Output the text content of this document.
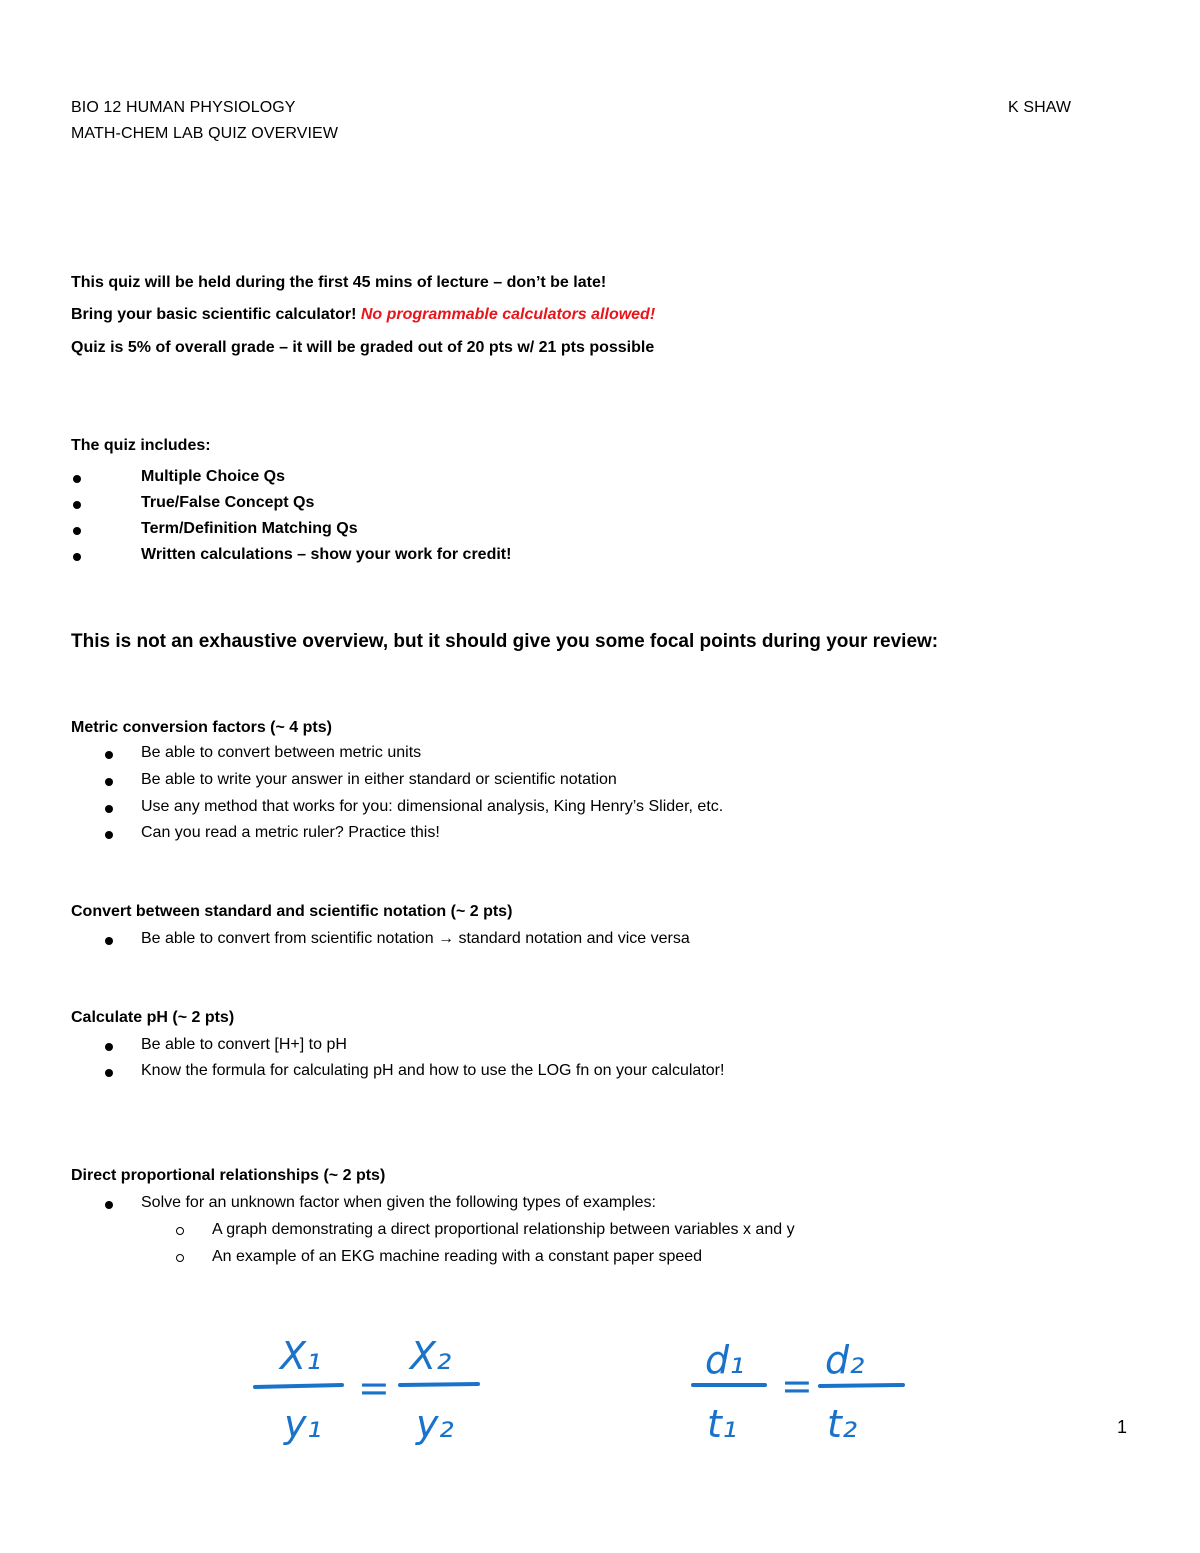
BIO 12 HUMAN PHYSIOLOGY	K SHAW
MATH-CHEM LAB QUIZ OVERVIEW
This quiz will be held during the first 45 mins of lecture – don’t be late!
Bring your basic scientific calculator! No programmable calculators allowed!
Quiz is 5% of overall grade – it will be graded out of 20 pts w/ 21 pts possible
The quiz includes:
Multiple Choice Qs
True/False Concept Qs
Term/Definition Matching Qs
Written calculations – show your work for credit!
This is not an exhaustive overview, but it should give you some focal points during your review:
Metric conversion factors (~ 4 pts)
Be able to convert between metric units
Be able to write your answer in either standard or scientific notation
Use any method that works for you: dimensional analysis, King Henry’s Slider, etc.
Can you read a metric ruler? Practice this!
Convert between standard and scientific notation (~ 2 pts)
Be able to convert from scientific notation → standard notation and vice versa
Calculate pH (~ 2 pts)
Be able to convert [H+] to pH
Know the formula for calculating pH and how to use the LOG fn on your calculator!
Direct proportional relationships (~ 2 pts)
Solve for an unknown factor when given the following types of examples:
A graph demonstrating a direct proportional relationship between variables x and y
An example of an EKG machine reading with a constant paper speed
X₁
y₁
=
X₂
y₂
d₁
t₁
=
d₂
t₂	1
